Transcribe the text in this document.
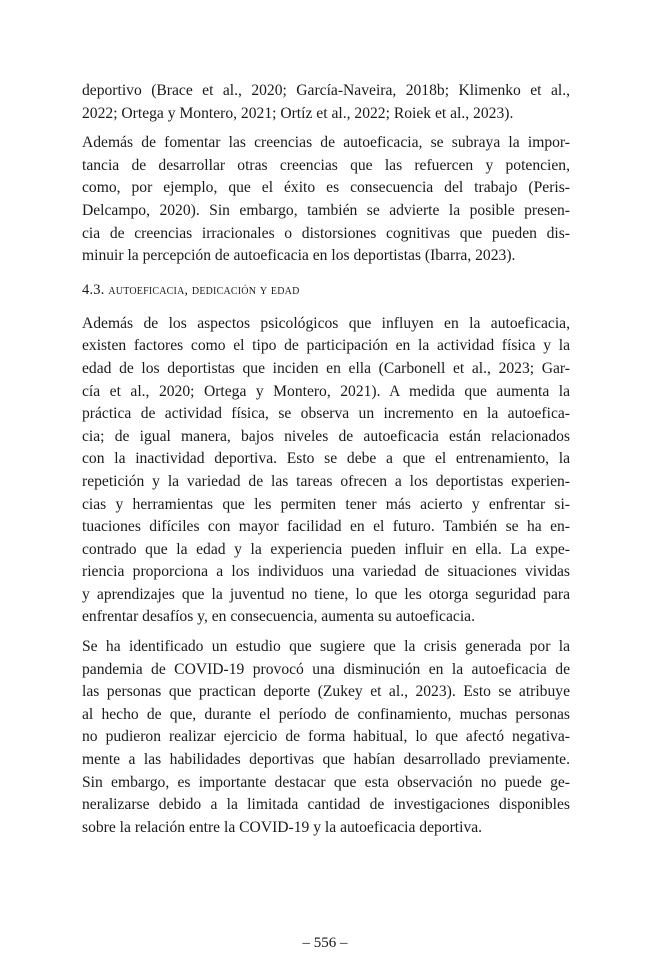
deportivo (Brace et al., 2020; García-Naveira, 2018b; Klimenko et al.,
2022; Ortega y Montero, 2021; Ortíz et al., 2022; Roiek et al., 2023).
Además de fomentar las creencias de autoeficacia, se subraya la impor-
tancia de desarrollar otras creencias que las refuercen y potencien,
como, por ejemplo, que el éxito es consecuencia del trabajo (Peris-
Delcampo, 2020). Sin embargo, también se advierte la posible presen-
cia de creencias irracionales o distorsiones cognitivas que pueden dis-
minuir la percepción de autoeficacia en los deportistas (Ibarra, 2023).
4.3. autoeficacia, dedicación y edad
Además de los aspectos psicológicos que influyen en la autoeficacia,
existen factores como el tipo de participación en la actividad física y la
edad de los deportistas que inciden en ella (Carbonell et al., 2023; Gar-
cía et al., 2020; Ortega y Montero, 2021). A medida que aumenta la
práctica de actividad física, se observa un incremento en la autoefica-
cia; de igual manera, bajos niveles de autoeficacia están relacionados
con la inactividad deportiva. Esto se debe a que el entrenamiento, la
repetición y la variedad de las tareas ofrecen a los deportistas experien-
cias y herramientas que les permiten tener más acierto y enfrentar si-
tuaciones difíciles con mayor facilidad en el futuro. También se ha en-
contrado que la edad y la experiencia pueden influir en ella. La expe-
riencia proporciona a los individuos una variedad de situaciones vividas
y aprendizajes que la juventud no tiene, lo que les otorga seguridad para
enfrentar desafíos y, en consecuencia, aumenta su autoeficacia.
Se ha identificado un estudio que sugiere que la crisis generada por la
pandemia de COVID-19 provocó una disminución en la autoeficacia de
las personas que practican deporte (Zukey et al., 2023). Esto se atribuye
al hecho de que, durante el período de confinamiento, muchas personas
no pudieron realizar ejercicio de forma habitual, lo que afectó negativa-
mente a las habilidades deportivas que habían desarrollado previamente.
Sin embargo, es importante destacar que esta observación no puede ge-
neralizarse debido a la limitada cantidad de investigaciones disponibles
sobre la relación entre la COVID-19 y la autoeficacia deportiva.
– 556 –
